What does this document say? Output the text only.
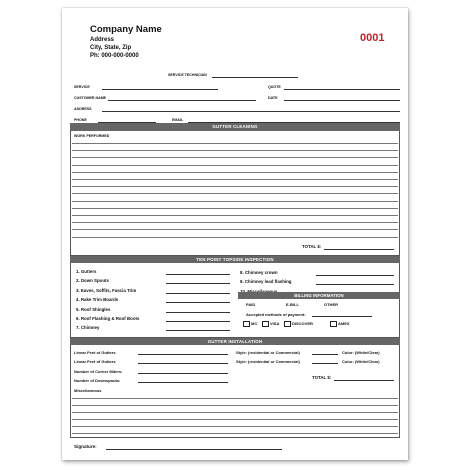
Company Name
Address
City, State, Zip
Ph: 000-000-0000
0001
SERVICE TECHNICIAN
SERVICE	QUOTE
CUSTOMER NAME	DATE
ADDRESS
PHONE	EMAIL
GUTTER CLEANING
WORK PERFORMED
TOTAL $:
TEN POINT TOPSIDE INSPECTION
1. Gutters
2. Down Spouts
3. Eaves, Soffits, Fascia Trim
4. Rake Trim Boards
5. Roof Shingles
6. Roof Flashing & Roof Boots
7. Chimney
8. Chimney crown
9. Chimney lead flashing
BILLING INFORMATION
PAID	E-BILL	OTHER
Accepted methods of payment:
MC	VISA	DISCOVER	AMEX
GUTTER INSTALLATION
Linear Feet of Gutters	Style: (residential or Commercial)	Color: (White/Clear)
Linear Feet of Gutters	Style: (residential or Commercial)	Color: (White/Clear)
Number of Corner Miters:
Number of Downspouts:
TOTAL $:
Miscellaneous
Signature:
